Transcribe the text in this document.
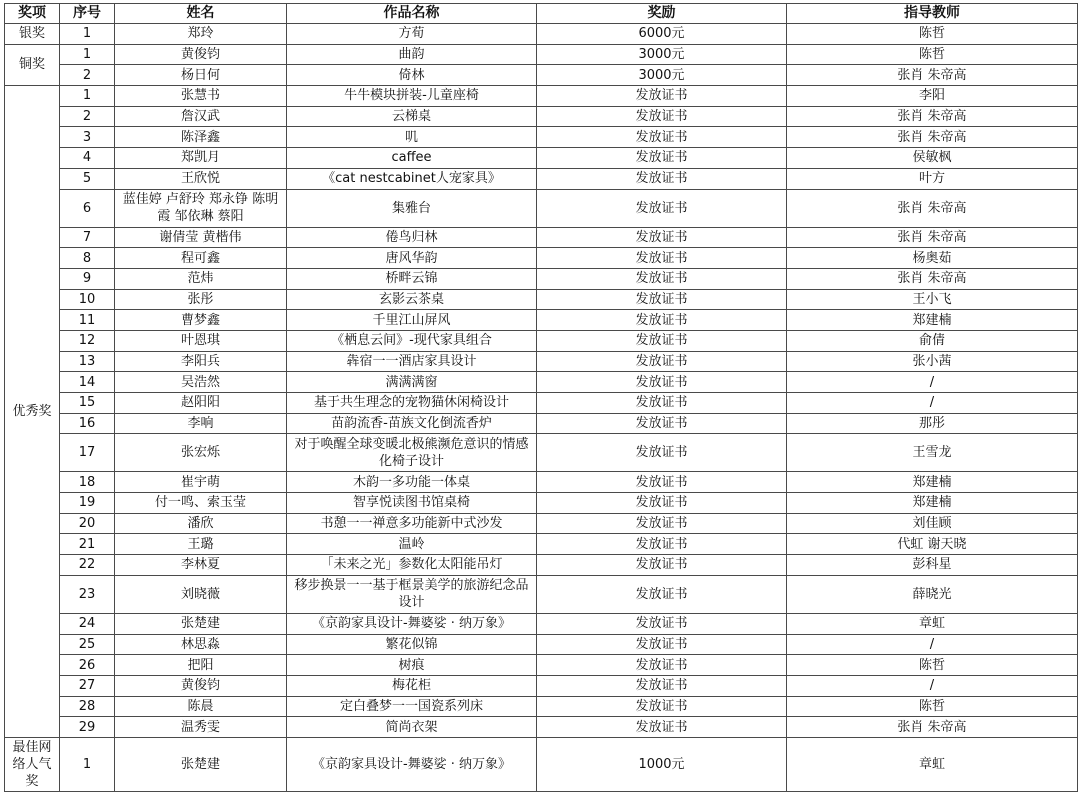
奖项	序号	姓名	作品名称	奖励	指导教师
银奖	1	郑玲	方荀	6000元	陈哲
铜奖	1	黄俊钧	曲韵	3000元	陈哲
	2	杨日何	倚林	3000元	张肖 朱帝高
优秀奖	1	张慧书	牛牛模块拼装-儿童座椅	发放证书	李阳
	2	詹汉武	云梯桌	发放证书	张肖 朱帝高
	3	陈泽鑫	叽	发放证书	张肖 朱帝高
	4	郑凯月	caffee	发放证书	侯敏枫
	5	王欣悦	《cat nestcabinet人宠家具》	发放证书	叶方
	6	蓝佳婷 卢舒玲 郑永铮 陈明霞 邹依琳 蔡阳	集雅台	发放证书	张肖 朱帝高
	7	谢倩莹 黄楷伟	倦鸟归林	发放证书	张肖 朱帝高
	8	程可鑫	唐风华韵	发放证书	杨奥茹
	9	范炜	桥畔云锦	发放证书	张肖 朱帝高
	10	张彤	玄影云茶桌	发放证书	王小飞
	11	曹梦鑫	千里江山屏风	发放证书	郑建楠
	12	叶恩琪	《栖息云间》-现代家具组合	发放证书	俞倩
	13	李阳兵	犇宿一一酒店家具设计	发放证书	张小茜
	14	吴浩然	满满满窗	发放证书	/
	15	赵阳阳	基于共生理念的宠物猫休闲椅设计	发放证书	/
	16	李响	苗韵流香-苗族文化倒流香炉	发放证书	那彤
	17	张宏烁	对于唤醒全球变暖北极熊濒危意识的情感化椅子设计	发放证书	王雪龙
	18	崔宇萌	木韵一多功能一体桌	发放证书	郑建楠
	19	付一鸣、索玉莹	智享悦读图书馆桌椅	发放证书	郑建楠
	20	潘欣	书憩一一禅意多功能新中式沙发	发放证书	刘佳顾
	21	王璐	温岭	发放证书	代虹 谢天晓
	22	李林夏	「未来之光」参数化太阳能吊灯	发放证书	彭科星
	23	刘晓薇	移步换景一一基于框景美学的旅游纪念品设计	发放证书	薛晓光
	24	张楚建	《京韵家具设计-舞婆娑 · 纳万象》	发放证书	章虹
	25	林思淼	繁花似锦	发放证书	/
	26	把阳	树痕	发放证书	陈哲
	27	黄俊钧	梅花柜	发放证书	/
	28	陈晨	定白叠梦一一国瓷系列床	发放证书	陈哲
	29	温秀雯	简尚衣架	发放证书	张肖 朱帝高
最佳网络人气奖	1	张楚建	《京韵家具设计-舞婆娑 · 纳万象》	1000元	章虹
